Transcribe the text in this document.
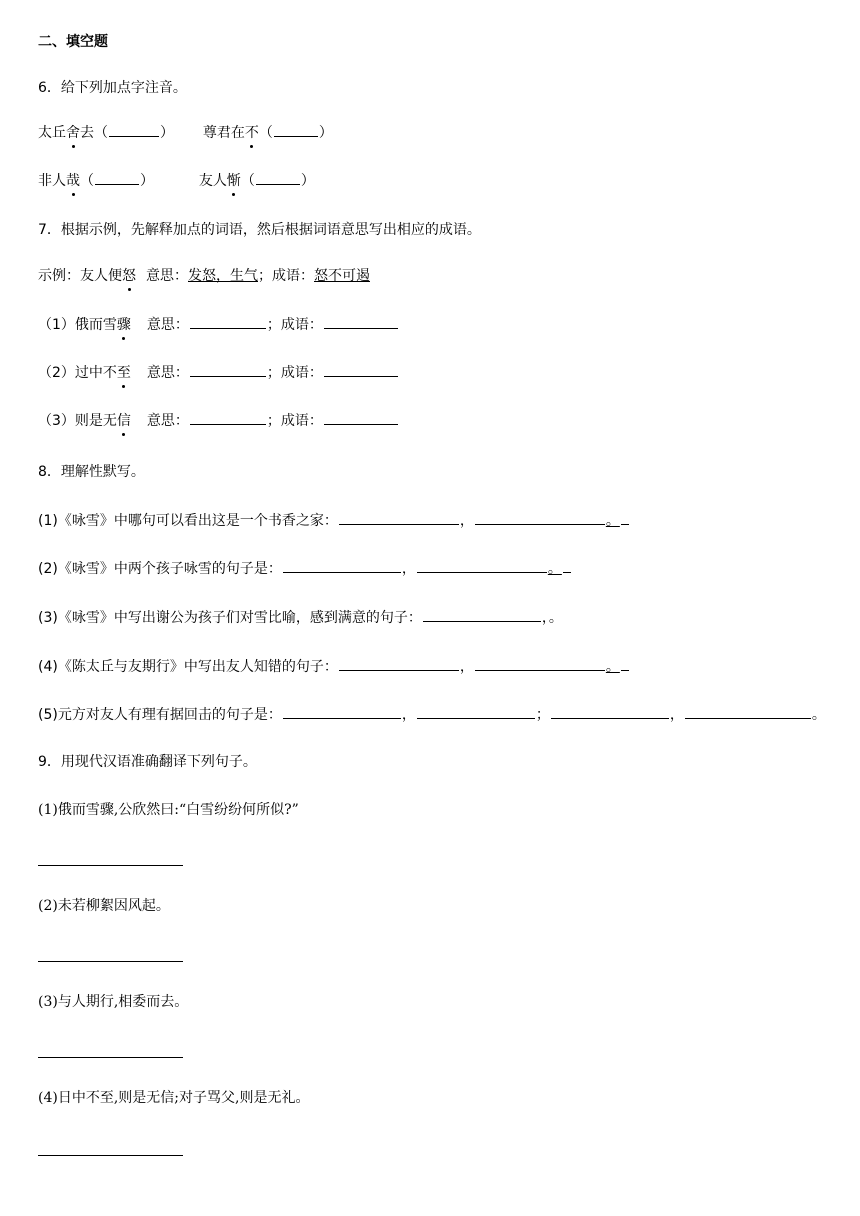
二、填空题
6．给下列加点字注音。
太丘舍去（	） 尊君在不（	）
非人哉（	）	友人惭（	）
7．根据示例，先解释加点的词语，然后根据词语意思写出相应的成语。
示例：友人便怒 意思：发怒，生气；成语：怒不可遏
（1）俄而雪骤 意思：	；成语：
（2）过中不至 意思：	；成语：
（3）则是无信 意思：	；成语：
8．理解性默写。
(1)《咏雪》中哪句可以看出这是一个书香之家：	，	。
(2)《咏雪》中两个孩子咏雪的句子是：	，	。
(3)《咏雪》中写出谢公为孩子们对雪比喻，感到满意的句子：	，。
(4)《陈太丘与友期行》中写出友人知错的句子：	，	。
(5)元方对友人有理有据回击的句子是：	，	；	，	。
9．用现代汉语准确翻译下列句子。
(1)俄而雪骤,公欣然曰:“白雪纷纷何所似?”
(2)未若柳絮因风起。
(3)与人期行,相委而去。
(4)日中不至,则是无信;对子骂父,则是无礼。
